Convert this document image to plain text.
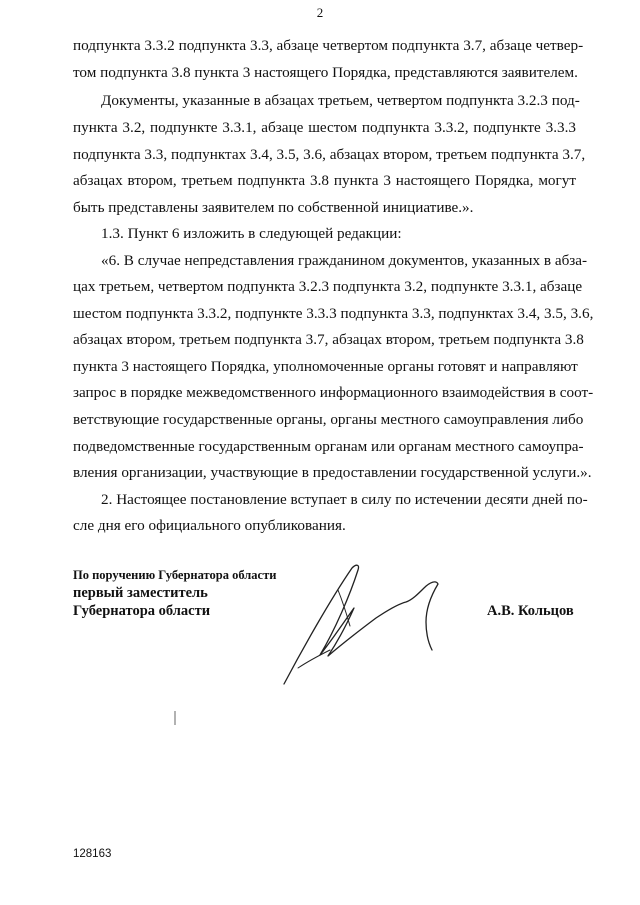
2
подпункта 3.3.2 подпункта 3.3, абзаце четвертом подпункта 3.7, абзаце четвер-
том подпункта 3.8 пункта 3 настоящего Порядка, представляются заявителем.
Документы, указанные в абзацах третьем, четвертом подпункта 3.2.3 под-
пункта 3.2, подпункте 3.3.1, абзаце шестом подпункта 3.3.2, подпункте 3.3.3
подпункта 3.3, подпунктах 3.4, 3.5, 3.6, абзацах втором, третьем подпункта 3.7,
абзацах втором, третьем подпункта 3.8 пункта 3 настоящего Порядка, могут
быть представлены заявителем по собственной инициативе.».
1.3. Пункт 6 изложить в следующей редакции:
«6. В случае непредставления гражданином документов, указанных в абза-
цах третьем, четвертом подпункта 3.2.3 подпункта 3.2, подпункте 3.3.1, абзаце
шестом подпункта 3.3.2, подпункте 3.3.3 подпункта 3.3, подпунктах 3.4, 3.5, 3.6,
абзацах втором, третьем подпункта 3.7, абзацах втором, третьем подпункта 3.8
пункта 3 настоящего Порядка, уполномоченные органы готовят и направляют
запрос в порядке межведомственного информационного взаимодействия в соот-
ветствующие государственные органы, органы местного самоуправления либо
подведомственные государственным органам или органам местного самоупра-
вления организации, участвующие в предоставлении государственной услуги.».
2. Настоящее постановление вступает в силу по истечении десяти дней по-
сле дня его официального опубликования.
По поручению Губернатора области
первый заместитель
Губернатора области	А.В. Кольцов
128163
